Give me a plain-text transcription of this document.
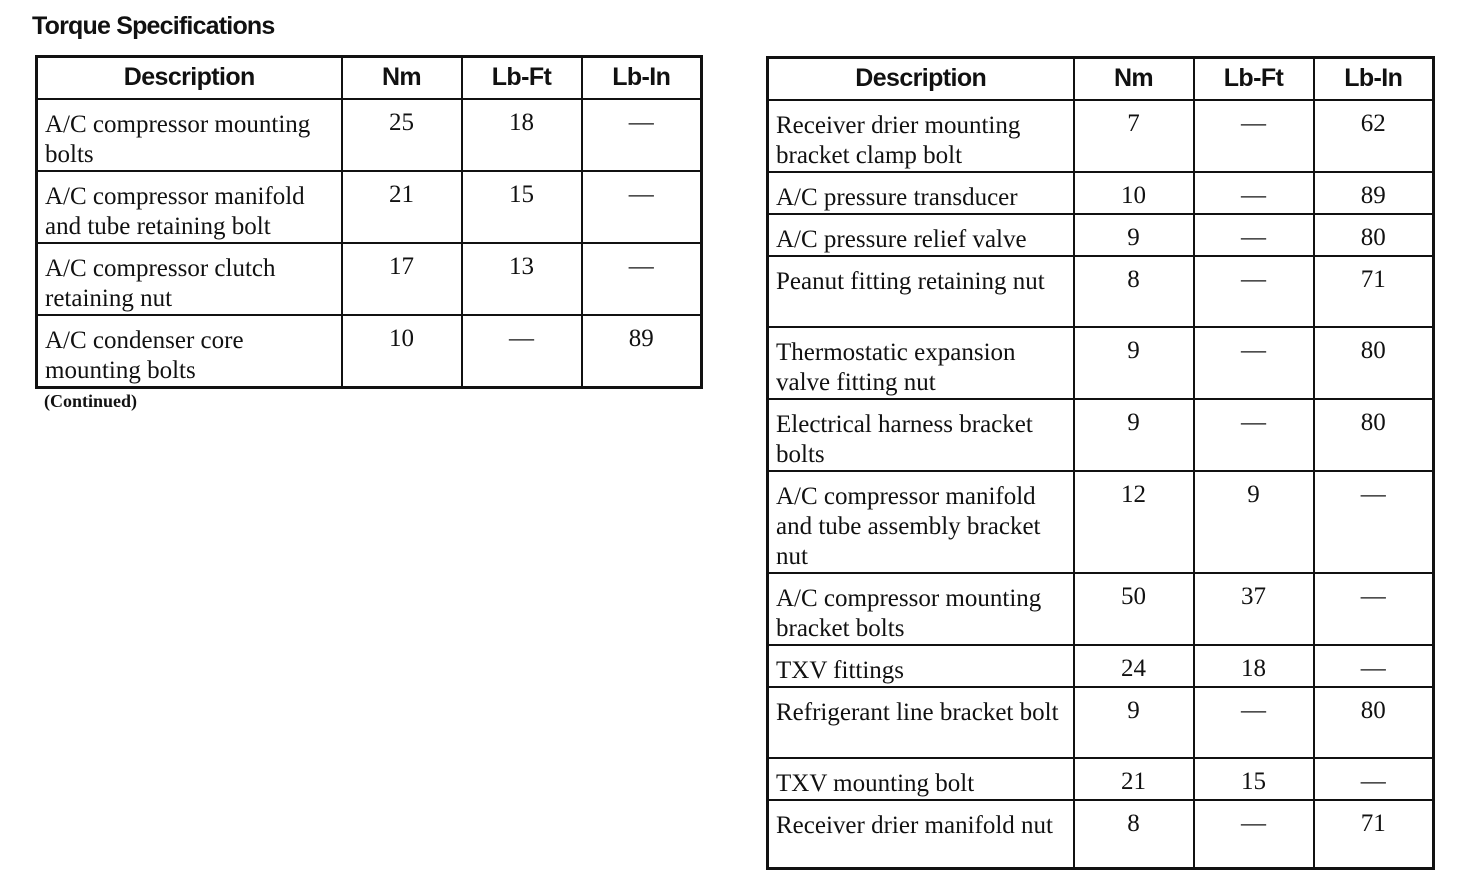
Torque Specifications
Description	Nm	Lb-Ft	Lb-In
A/C compressor mounting bolts	25	18	—
A/C compressor manifold and tube retaining bolt	21	15	—
A/C compressor clutch retaining nut	17	13	—
A/C condenser core mounting bolts	10	—	89
(Continued)
Description	Nm	Lb-Ft	Lb-In
Receiver drier mounting bracket clamp bolt	7	—	62
A/C pressure transducer	10	—	89
A/C pressure relief valve	9	—	80
Peanut fitting retaining nut	8	—	71
Thermostatic expansion valve fitting nut	9	—	80
Electrical harness bracket bolts	9	—	80
A/C compressor manifold and tube assembly bracket nut	12	9	—
A/C compressor mounting bracket bolts	50	37	—
TXV fittings	24	18	—
Refrigerant line bracket bolt	9	—	80
TXV mounting bolt	21	15	—
Receiver drier manifold nut	8	—	71
